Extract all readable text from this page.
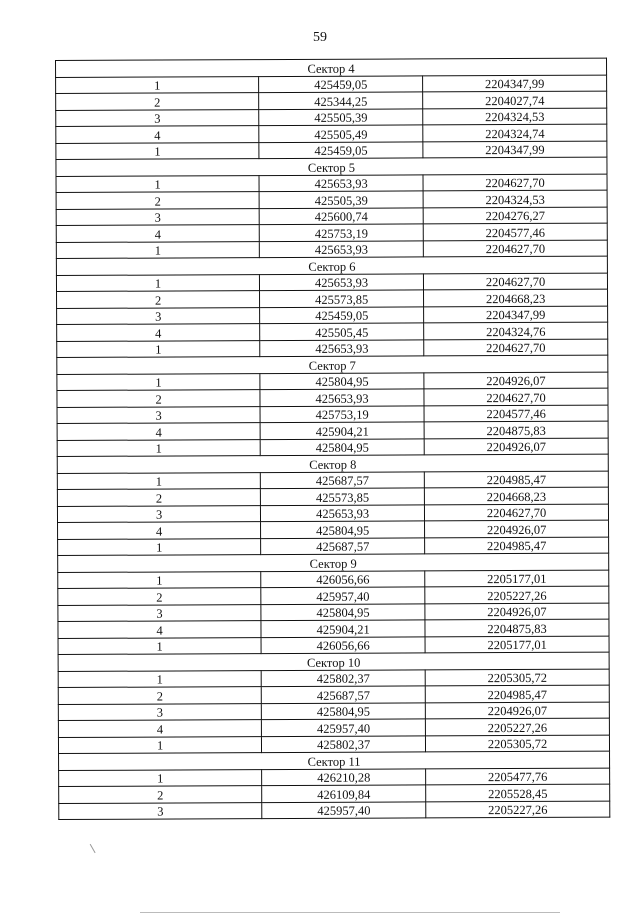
59
Сектор 4		
1	425459,05	2204347,99
2	425344,25	2204027,74
3	425505,39	2204324,53
4	425505,49	2204324,74
1	425459,05	2204347,99
Сектор 5		
1	425653,93	2204627,70
2	425505,39	2204324,53
3	425600,74	2204276,27
4	425753,19	2204577,46
1	425653,93	2204627,70
Сектор 6		
1	425653,93	2204627,70
2	425573,85	2204668,23
3	425459,05	2204347,99
4	425505,45	2204324,76
1	425653,93	2204627,70
Сектор 7		
1	425804,95	2204926,07
2	425653,93	2204627,70
3	425753,19	2204577,46
4	425904,21	2204875,83
1	425804,95	2204926,07
Сектор 8		
1	425687,57	2204985,47
2	425573,85	2204668,23
3	425653,93	2204627,70
4	425804,95	2204926,07
1	425687,57	2204985,47
Сектор 9		
1	426056,66	2205177,01
2	425957,40	2205227,26
3	425804,95	2204926,07
4	425904,21	2204875,83
1	426056,66	2205177,01
Сектор 10		
1	425802,37	2205305,72
2	425687,57	2204985,47
3	425804,95	2204926,07
4	425957,40	2205227,26
1	425802,37	2205305,72
Сектор 11		
1	426210,28	2205477,76
2	426109,84	2205528,45
3	425957,40	2205227,26
